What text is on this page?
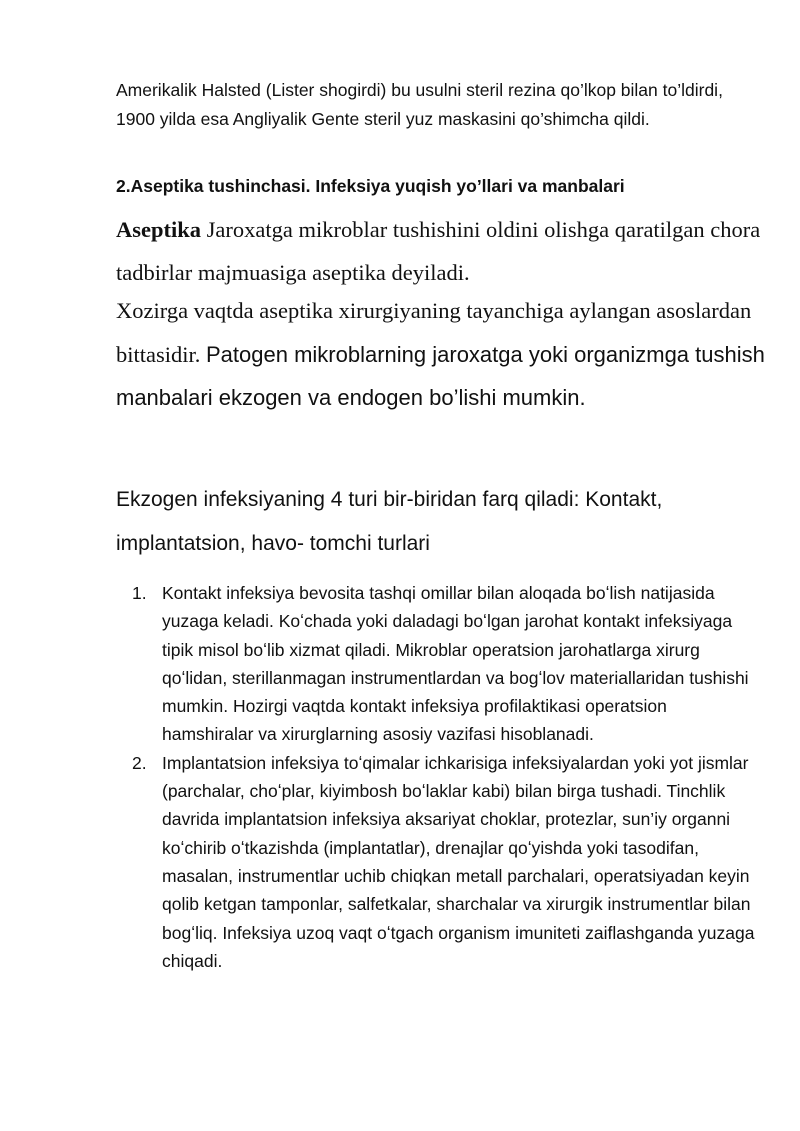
Amerikalik Halsted (Lister shogirdi) bu usulni steril rezina qo’lkop bilan to’ldirdi, 1900 yilda esa Angliyalik Gente steril yuz maskasini qo’shimcha qildi.

2.Aseptika tushinchasi. Infeksiya yuqish yo’llari va manbalari

Aseptika Jaroxatga mikroblar tushishini oldini olishga qaratilgan chora tadbirlar majmuasiga aseptika deyiladi.

Xozirga vaqtda aseptika xirurgiyaning tayanchiga aylangan asoslardan bittasidir. Patogen mikroblarning jaroxatga yoki organizmga tushish manbalari ekzogen va endogen bo’lishi mumkin.

Ekzogen infeksiyaning 4 turi bir-biridan farq qiladi: Kontakt, implantatsion, havo- tomchi turlari

1. Kontakt infeksiya bevosita tashqi omillar bilan aloqada boʻlish natijasida yuzaga keladi. Koʻchada yoki daladagi boʻlgan jarohat kontakt infeksiyaga tipik misol boʻlib xizmat qiladi. Mikroblar operatsion jarohatlarga xirurg qoʻlidan, sterillanmagan instrumentlardan va bogʻlov materiallaridan tushishi mumkin. Hozirgi vaqtda kontakt infeksiya profilaktikasi operatsion hamshiralar va xirurglarning asosiy vazifasi hisoblanadi.
2. Implantatsion infeksiya toʻqimalar ichkarisiga infeksiyalardan yoki yot jismlar (parchalar, choʻplar, kiyimbosh boʻlaklar kabi) bilan birga tushadi. Tinchlik davrida implantatsion infeksiya aksariyat choklar, protezlar, sun’iy organni koʻchirib oʻtkazishda (implantatlar), drenajlar qoʻyishda yoki tasodifan, masalan, instrumentlar uchib chiqkan metall parchalari, operatsiyadan keyin qolib ketgan tamponlar, salfetkalar, sharchalar va xirurgik instrumentlar bilan bogʻliq. Infeksiya uzoq vaqt oʻtgach organism imuniteti zaiflashganda yuzaga chiqadi.
